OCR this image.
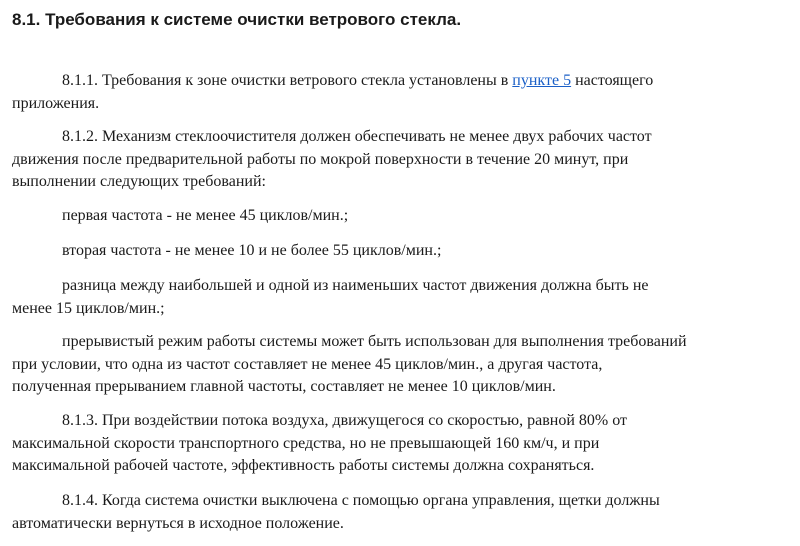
8.1. Требования к системе очистки ветрового стекла.

8.1.1. Требования к зоне очистки ветрового стекла установлены в пункте 5 настоящего
приложения.

8.1.2. Механизм стеклоочистителя должен обеспечивать не менее двух рабочих частот
движения после предварительной работы по мокрой поверхности в течение 20 минут, при
выполнении следующих требований:

первая частота - не менее 45 циклов/мин.;

вторая частота - не менее 10 и не более 55 циклов/мин.;

разница между наибольшей и одной из наименьших частот движения должна быть не
менее 15 циклов/мин.;

прерывистый режим работы системы может быть использован для выполнения требований
при условии, что одна из частот составляет не менее 45 циклов/мин., а другая частота,
полученная прерыванием главной частоты, составляет не менее 10 циклов/мин.

8.1.3. При воздействии потока воздуха, движущегося со скоростью, равной 80% от
максимальной скорости транспортного средства, но не превышающей 160 км/ч, и при
максимальной рабочей частоте, эффективность работы системы должна сохраняться.

8.1.4. Когда система очистки выключена с помощью органа управления, щетки должны
автоматически вернуться в исходное положение.
